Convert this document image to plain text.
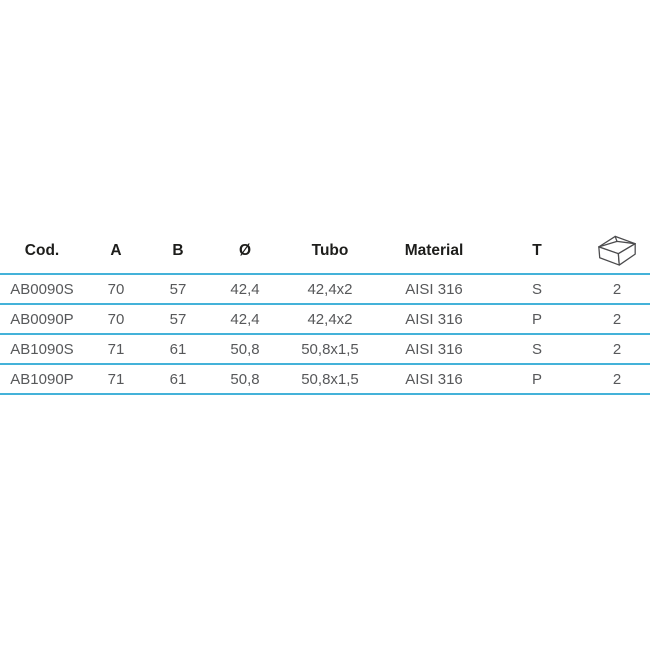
Cod.	A	B	Ø	Tubo	Material	T	

AB0090S	70	57	42,4	42,4x2	AISI 316	S	2
AB0090P	70	57	42,4	42,4x2	AISI 316	P	2
AB1090S	71	61	50,8	50,8x1,5	AISI 316	S	2
AB1090P	71	61	50,8	50,8x1,5	AISI 316	P	2
